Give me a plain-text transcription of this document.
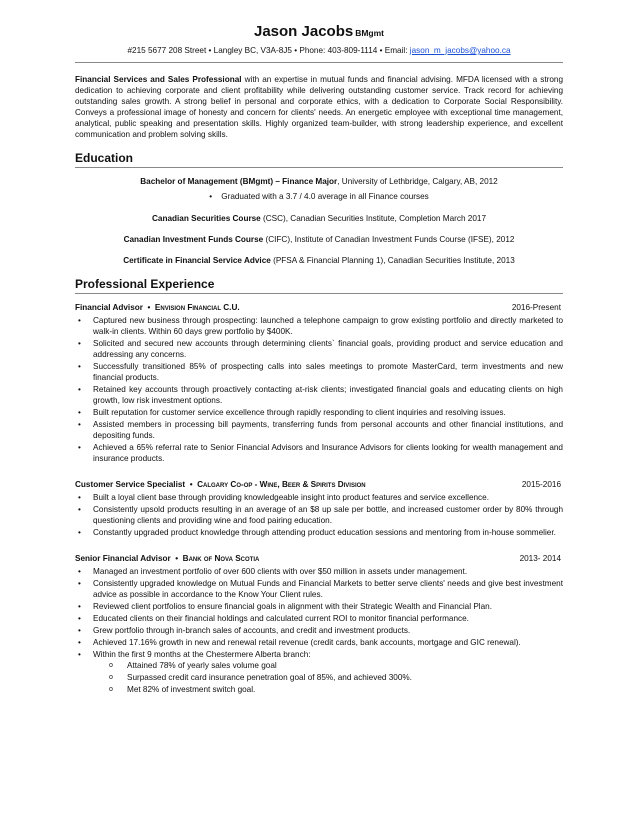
Jason Jacobs BMgmt
#215 5677 208 Street • Langley BC, V3A-8J5 • Phone: 403-809-1114 • Email: jason_m_jacobs@yahoo.ca
Financial Services and Sales Professional with an expertise in mutual funds and financial advising. MFDA licensed with a strong dedication to achieving corporate and client profitability while delivering outstanding customer service. Track record for achieving outstanding sales growth. A strong belief in personal and corporate ethics, with a dedication to Corporate Social Responsibility. Conveys a professional image of honesty and concern for clients' needs. An energetic employee with exceptional time management, analytical, public speaking and presentation skills. Highly organized team-builder, with strong leadership experience, and excellent communication and problem solving skills.
Education
Bachelor of Management (BMgmt) – Finance Major, University of Lethbridge, Calgary, AB, 2012
• Graduated with a 3.7 / 4.0 average in all Finance courses
Canadian Securities Course (CSC), Canadian Securities Institute, Completion March 2017
Canadian Investment Funds Course (CIFC), Institute of Canadian Investment Funds Course (IFSE), 2012
Certificate in Financial Service Advice (PFSA & Financial Planning 1), Canadian Securities Institute, 2013
Professional Experience
Financial Advisor  •  Envision Financial C.U.	2016-Present
• Captured new business through prospecting: launched a telephone campaign to grow existing portfolio and directly marketed to walk-in clients. Within 60 days grew portfolio by $400K.
• Solicited and secured new accounts through determining clients` financial goals, providing product and service education and addressing any concerns.
• Successfully transitioned 85% of prospecting calls into sales meetings to promote MasterCard, term investments and new financial products.
• Retained key accounts through proactively contacting at-risk clients; investigated financial goals and educating clients on high growth, low risk investment options.
• Built reputation for customer service excellence through rapidly responding to client inquiries and resolving issues.
• Assisted members in processing bill payments, transferring funds from personal accounts and other financial institutions, and depositing funds.
• Achieved a 65% referral rate to Senior Financial Advisors and Insurance Advisors for clients looking for wealth management and insurance products.
Customer Service Specialist  •  Calgary Co-op - Wine, Beer & Spirits Division	2015-2016
• Built a loyal client base through providing knowledgeable insight into product features and service excellence.
• Consistently upsold products resulting in an average of an $8 up sale per bottle, and increased customer order by 80% through questioning clients and providing wine and food pairing education.
• Constantly upgraded product knowledge through attending product education sessions and mentoring from in-house sommelier.
Senior Financial Advisor  •  Bank of Nova Scotia	2013- 2014
• Managed an investment portfolio of over 600 clients with over $50 million in assets under management.
• Consistently upgraded knowledge on Mutual Funds and Financial Markets to better serve clients' needs and give best investment advice as possible in accordance to the Know Your Client rules.
• Reviewed client portfolios to ensure financial goals in alignment with their Strategic Wealth and Financial Plan.
• Educated clients on their financial holdings and calculated current ROI to monitor financial performance.
• Grew portfolio through in-branch sales of accounts, and credit and investment products.
• Achieved 17.16% growth in new and renewal retail revenue (credit cards, bank accounts, mortgage and GIC renewal).
• Within the first 9 months at the Chestermere Alberta branch:
o Attained 78% of yearly sales volume goal
o Surpassed credit card insurance penetration goal of 85%, and achieved 300%.
o Met 82% of investment switch goal.
